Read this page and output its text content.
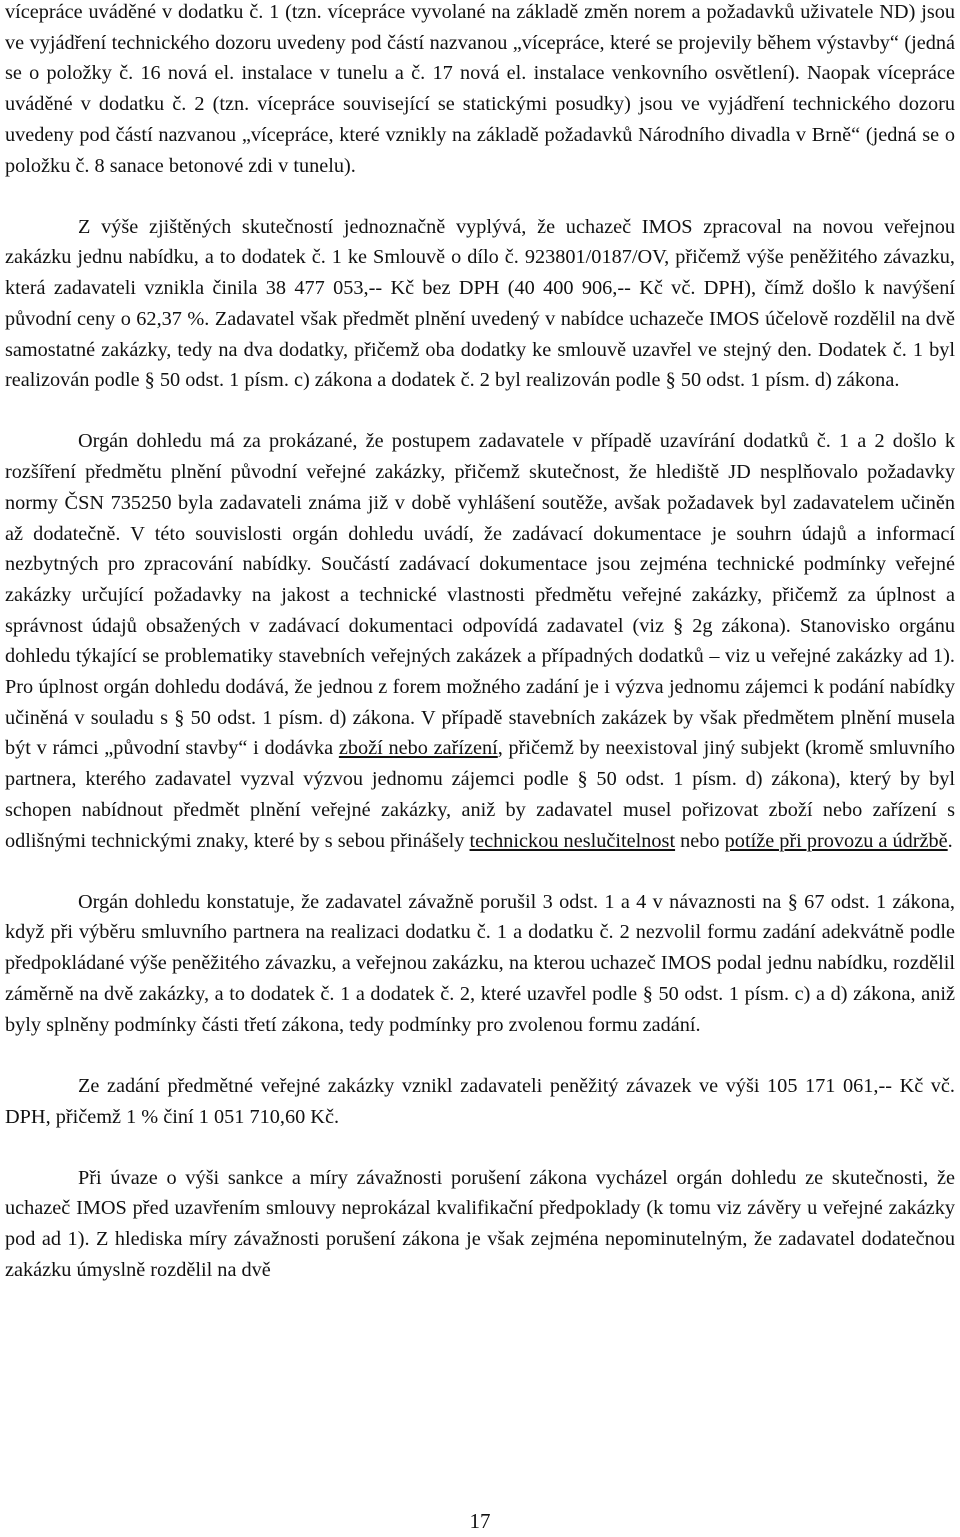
vícepráce uváděné v dodatku č. 1 (tzn. vícepráce vyvolané na základě změn norem a požadavků uživatele ND) jsou ve vyjádření technického dozoru uvedeny pod částí nazvanou „vícepráce, které se projevily během výstavby“ (jedná se o položky č. 16 nová el. instalace v tunelu a č. 17 nová el. instalace venkovního osvětlení). Naopak vícepráce uváděné v dodatku č. 2 (tzn. vícepráce související se statickými posudky) jsou ve vyjádření technického dozoru uvedeny pod částí nazvanou „vícepráce, které vznikly na základě požadavků Národního divadla v Brně“ (jedná se o položku č. 8 sanace betonové zdi v tunelu).

Z výše zjištěných skutečností jednoznačně vyplývá, že uchazeč IMOS zpracoval na novou veřejnou zakázku jednu nabídku, a to dodatek č. 1 ke Smlouvě o dílo č. 923801/0187/OV, přičemž výše peněžitého závazku, která zadavateli vznikla činila 38 477 053,-- Kč bez DPH (40 400 906,-- Kč vč. DPH), čímž došlo k navýšení původní ceny o 62,37 %. Zadavatel však předmět plnění uvedený v nabídce uchazeče IMOS účelově rozdělil na dvě samostatné zakázky, tedy na dva dodatky, přičemž oba dodatky ke smlouvě uzavřel ve stejný den. Dodatek č. 1 byl realizován podle § 50 odst. 1 písm. c) zákona a dodatek č. 2 byl realizován podle § 50 odst. 1 písm. d) zákona.

Orgán dohledu má za prokázané, že postupem zadavatele v případě uzavírání dodatků č. 1 a 2 došlo k rozšíření předmětu plnění původní veřejné zakázky, přičemž skutečnost, že hlediště JD nesplňovalo požadavky normy ČSN 735250 byla zadavateli známa již v době vyhlášení soutěže, avšak požadavek byl zadavatelem učiněn až dodatečně. V této souvislosti orgán dohledu uvádí, že zadávací dokumentace je souhrn údajů a informací nezbytných pro zpracování nabídky. Součástí zadávací dokumentace jsou zejména technické podmínky veřejné zakázky určující požadavky na jakost a technické vlastnosti předmětu veřejné zakázky, přičemž za úplnost a správnost údajů obsažených v zadávací dokumentaci odpovídá zadavatel (viz § 2g zákona). Stanovisko orgánu dohledu týkající se problematiky stavebních veřejných zakázek a případných dodatků – viz u veřejné zakázky ad 1). Pro úplnost orgán dohledu dodává, že jednou z forem možného zadání je i výzva jednomu zájemci k podání nabídky učiněná v souladu s § 50 odst. 1 písm. d) zákona. V případě stavebních zakázek by však předmětem plnění musela být v rámci „původní stavby“ i dodávka zboží nebo zařízení, přičemž by neexistoval jiný subjekt (kromě smluvního partnera, kterého zadavatel vyzval výzvou jednomu zájemci podle § 50 odst. 1 písm. d) zákona), který by byl schopen nabídnout předmět plnění veřejné zakázky, aniž by zadavatel musel pořizovat zboží nebo zařízení s odlišnými technickými znaky, které by s sebou přinášely technickou neslučitelnost nebo potíže při provozu a údržbě.

Orgán dohledu konstatuje, že zadavatel závažně porušil 3 odst. 1 a 4 v návaznosti na § 67 odst. 1 zákona, když při výběru smluvního partnera na realizaci dodatku č. 1 a dodatku č. 2 nezvolil formu zadání adekvátně podle předpokládané výše peněžitého závazku, a veřejnou zakázku, na kterou uchazeč IMOS podal jednu nabídku, rozdělil záměrně na dvě zakázky, a to dodatek č. 1 a dodatek č. 2, které uzavřel podle § 50 odst. 1 písm. c) a d) zákona, aniž byly splněny podmínky části třetí zákona, tedy podmínky pro zvolenou formu zadání.

Ze zadání předmětné veřejné zakázky vznikl zadavateli peněžitý závazek ve výši 105 171 061,-- Kč vč. DPH, přičemž 1 % činí 1 051 710,60 Kč.

Při úvaze o výši sankce a míry závažnosti porušení zákona vycházel orgán dohledu ze skutečnosti, že uchazeč IMOS před uzavřením smlouvy neprokázal kvalifikační předpoklady (k tomu viz závěry u veřejné zakázky pod ad 1). Z hlediska míry závažnosti porušení zákona je však zejména nepominutelným, že zadavatel dodatečnou zakázku úmyslně rozdělil na dvě

17
